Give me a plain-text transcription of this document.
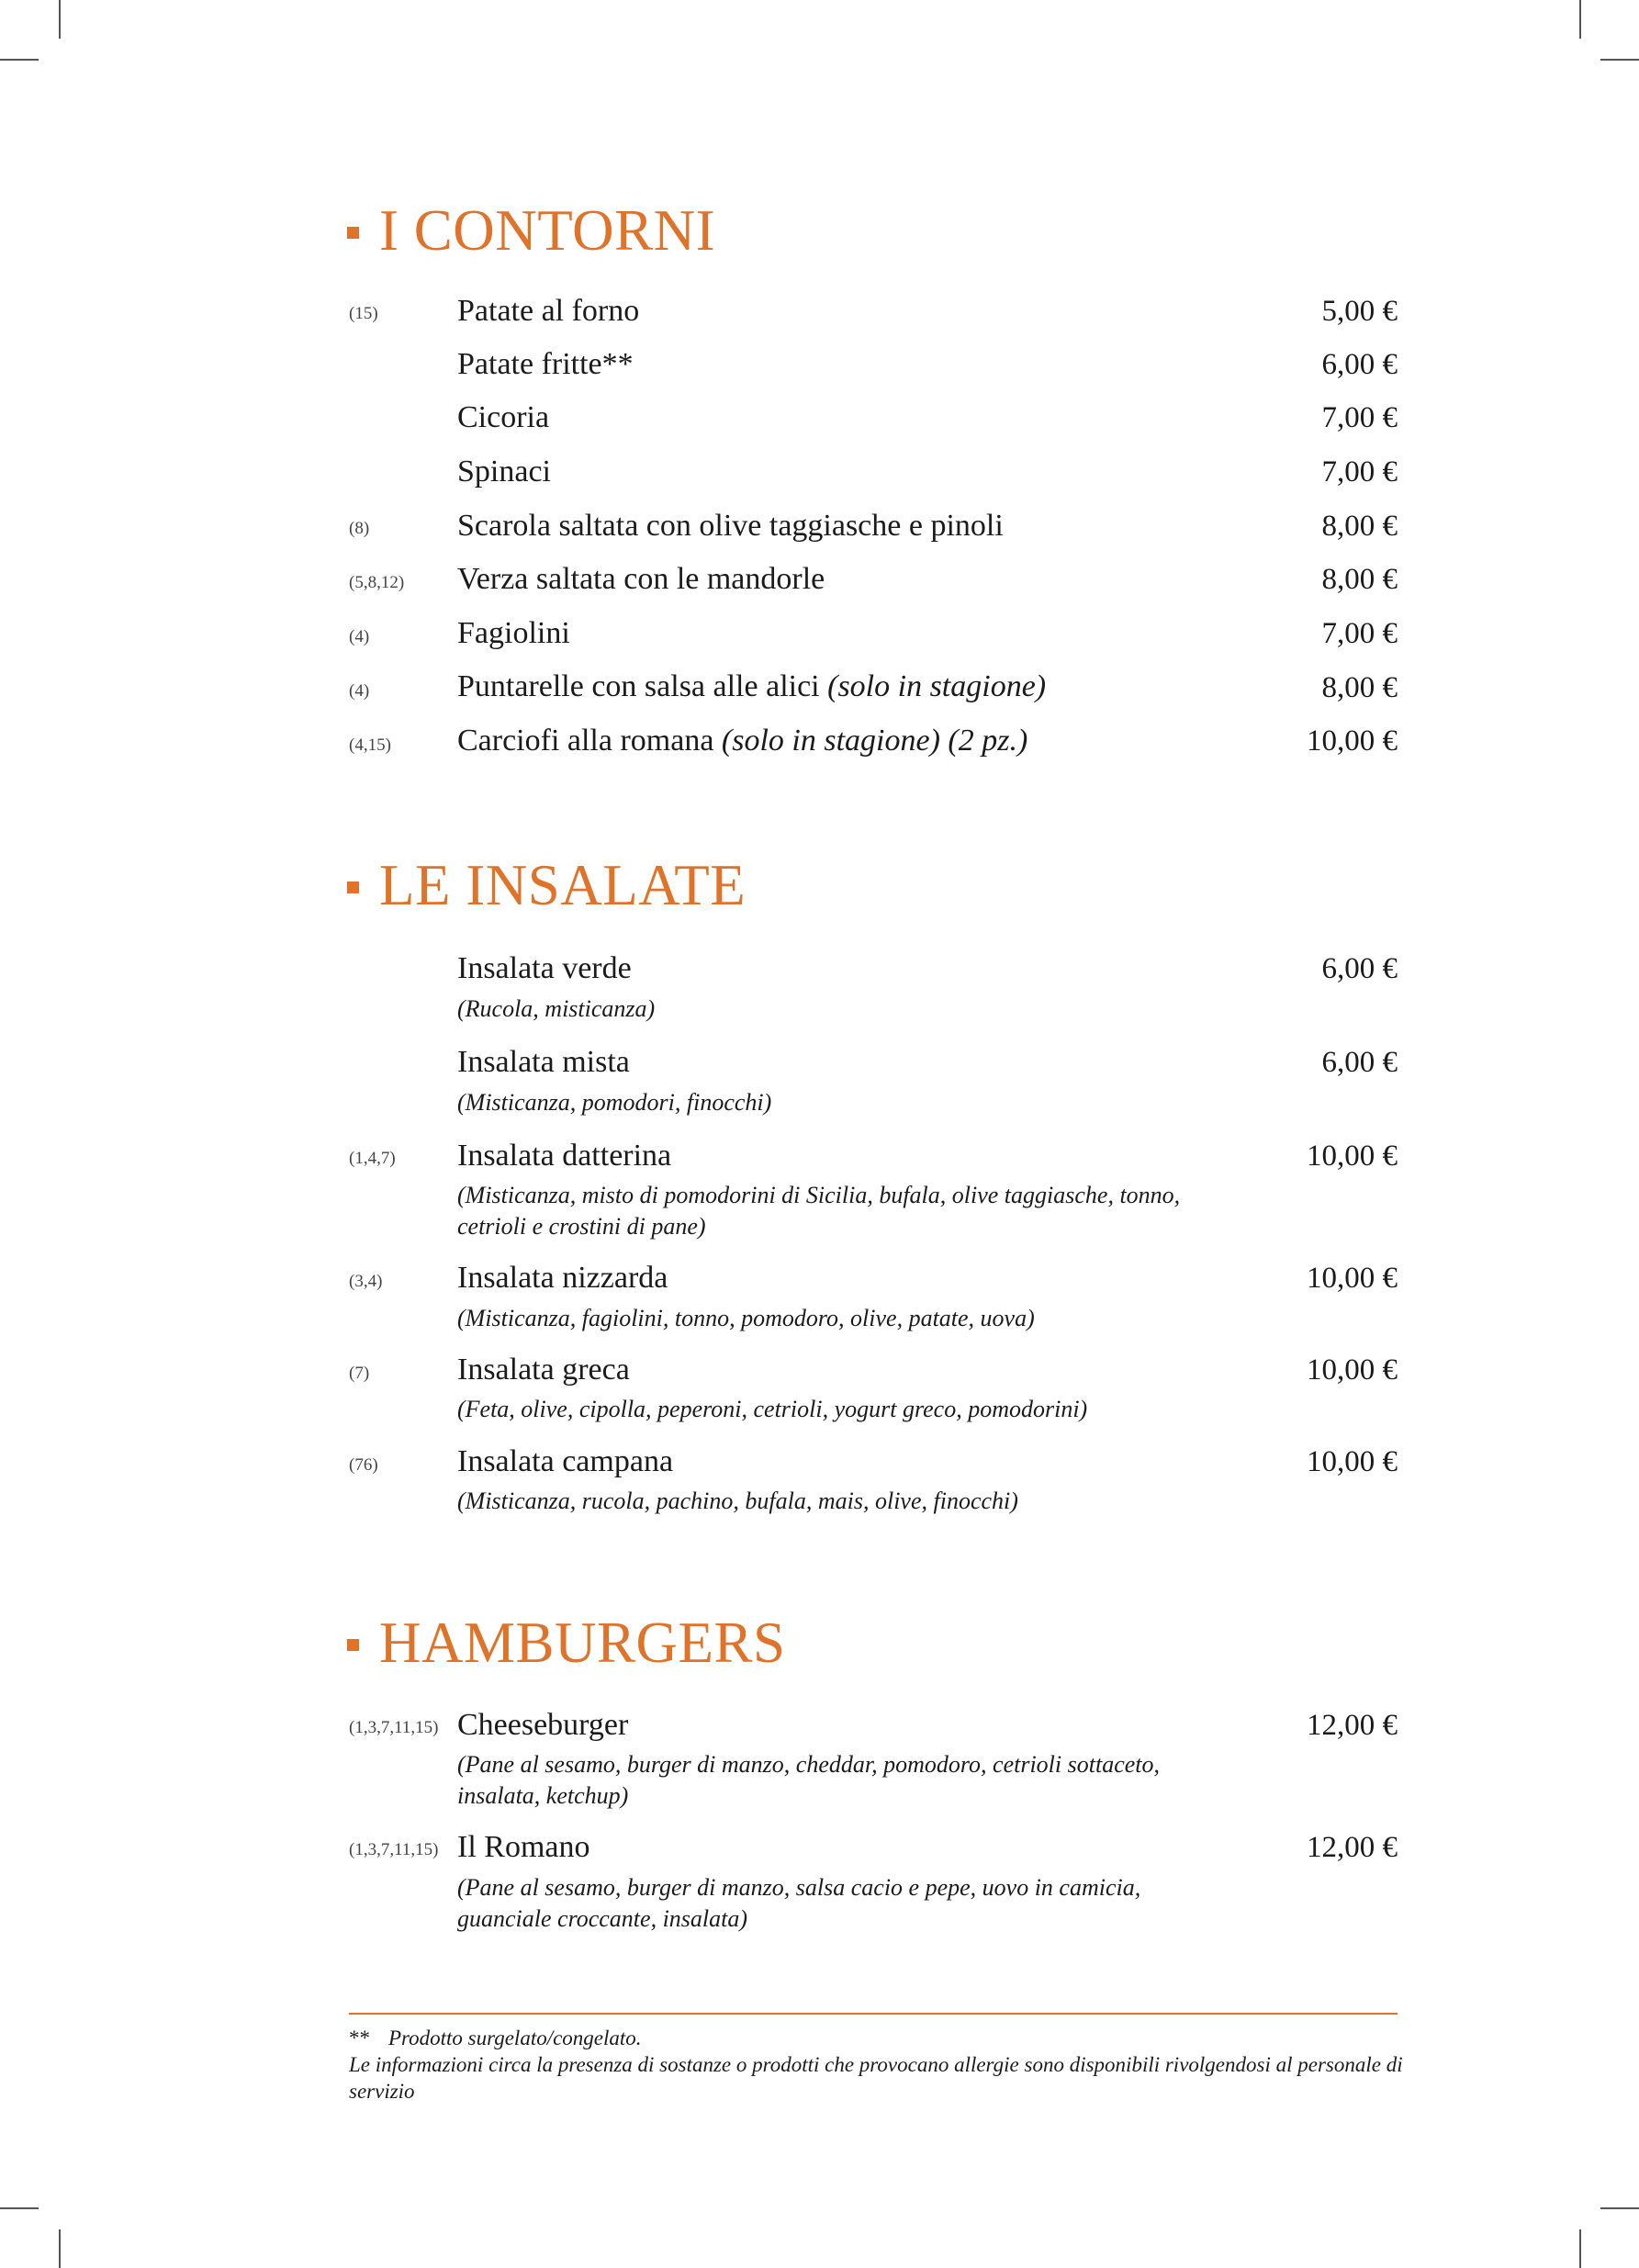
I CONTORNI
(15)	Patate al forno	5,00 €
Patate fritte**	6,00 €
Cicoria	7,00 €
Spinaci	7,00 €
(8)	Scarola saltata con olive taggiasche e pinoli	8,00 €
(5,8,12) Verza saltata con le mandorle	8,00 €
(4)	Fagiolini	7,00 €
(4)	Puntarelle con salsa alle alici (solo in stagione)	8,00 €
(4,15) Carciofi alla romana (solo in stagione) (2 pz.)	10,00 €
LE INSALATE
Insalata verde	6,00 €
(Rucola, misticanza)
Insalata mista	6,00 €
(Misticanza, pomodori, finocchi)
(1,4,7) Insalata datterina	10,00 €
(Misticanza, misto di pomodorini di Sicilia, bufala, olive taggiasche, tonno, cetrioli e crostini di pane)
(3,4) Insalata nizzarda	10,00 €
(Misticanza, fagiolini, tonno, pomodoro, olive, patate, uova)
(7)	Insalata greca	10,00 €
(Feta, olive, cipolla, peperoni, cetrioli, yogurt greco, pomodorini)
(76)	Insalata campana	10,00 €
(Misticanza, rucola, pachino, bufala, mais, olive, finocchi)
HAMBURGERS
(1,3,7,11,15) Cheeseburger	12,00 €
(Pane al sesamo, burger di manzo, cheddar, pomodoro, cetrioli sottaceto, insalata, ketchup)
(1,3,7,11,15) Il Romano	12,00 €
(Pane al sesamo, burger di manzo, salsa cacio e pepe, uovo in camicia, guanciale croccante, insalata)
** Prodotto surgelato/congelato.
Le informazioni circa la presenza di sostanze o prodotti che provocano allergie sono disponibili rivolgendosi al personale di servizio
